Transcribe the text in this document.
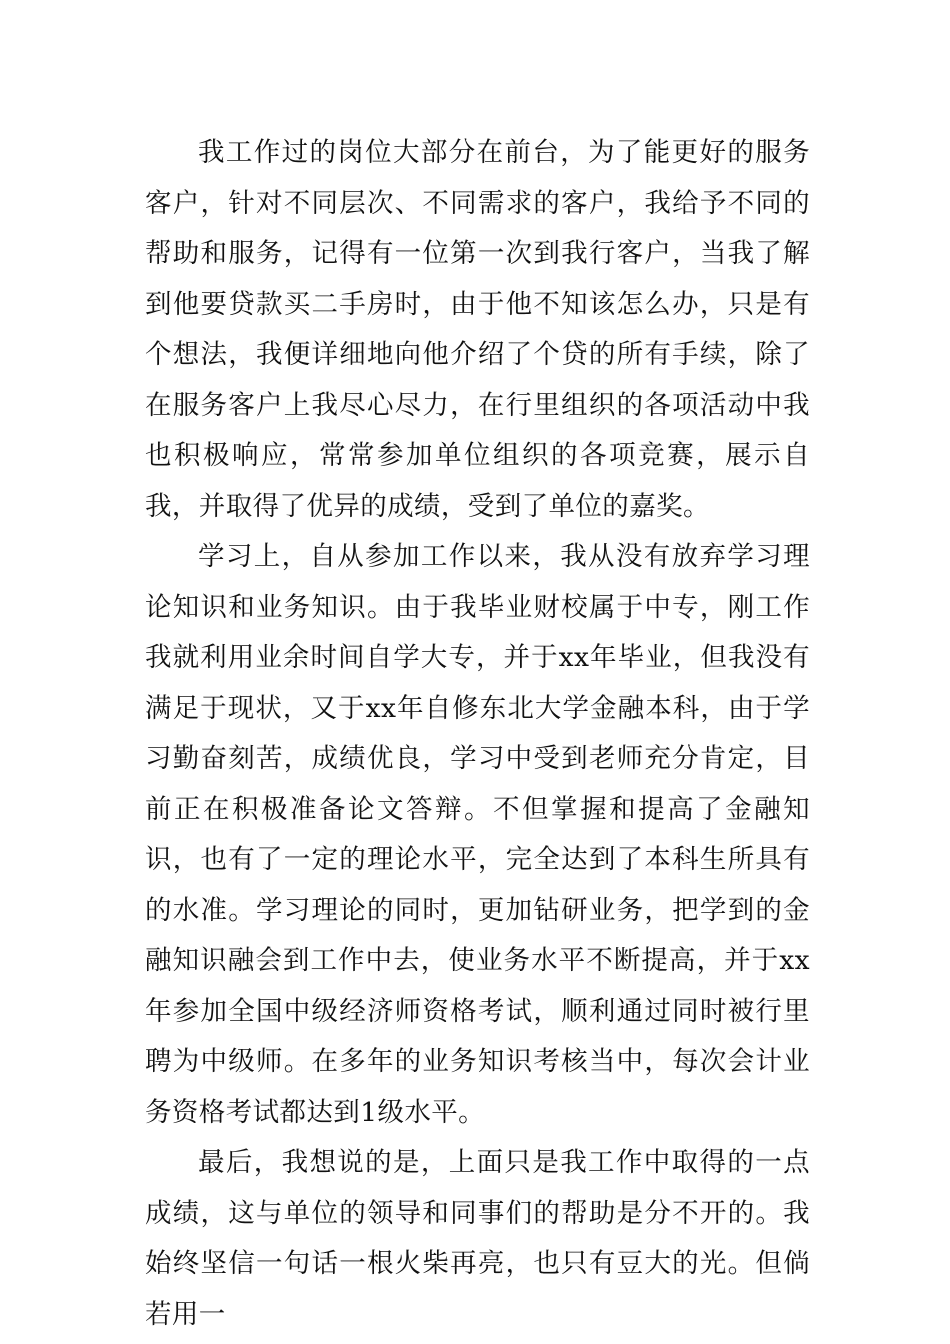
我工作过的岗位大部分在前台，为了能更好的服务客户，针对不同层次、不同需求的客户，我给予不同的帮助和服务，记得有一位第一次到我行客户，当我了解到他要贷款买二手房时，由于他不知该怎么办，只是有个想法，我便详细地向他介绍了个贷的所有手续，除了在服务客户上我尽心尽力，在行里组织的各项活动中我也积极响应，常常参加单位组织的各项竞赛，展示自我，并取得了优异的成绩，受到了单位的嘉奖。

学习上，自从参加工作以来，我从没有放弃学习理论知识和业务知识。由于我毕业财校属于中专，刚工作我就利用业余时间自学大专，并于xx年毕业，但我没有满足于现状，又于xx年自修东北大学金融本科，由于学习勤奋刻苦，成绩优良，学习中受到老师充分肯定，目前正在积极准备论文答辩。不但掌握和提高了金融知识，也有了一定的理论水平，完全达到了本科生所具有的水准。学习理论的同时，更加钻研业务，把学到的金融知识融会到工作中去，使业务水平不断提高，并于xx年参加全国中级经济师资格考试，顺利通过同时被行里聘为中级师。在多年的业务知识考核当中，每次会计业务资格考试都达到1级水平。

最后，我想说的是，上面只是我工作中取得的一点成绩，这与单位的领导和同事们的帮助是分不开的。我始终坚信一句话一根火柴再亮，也只有豆大的光。但倘若用一
